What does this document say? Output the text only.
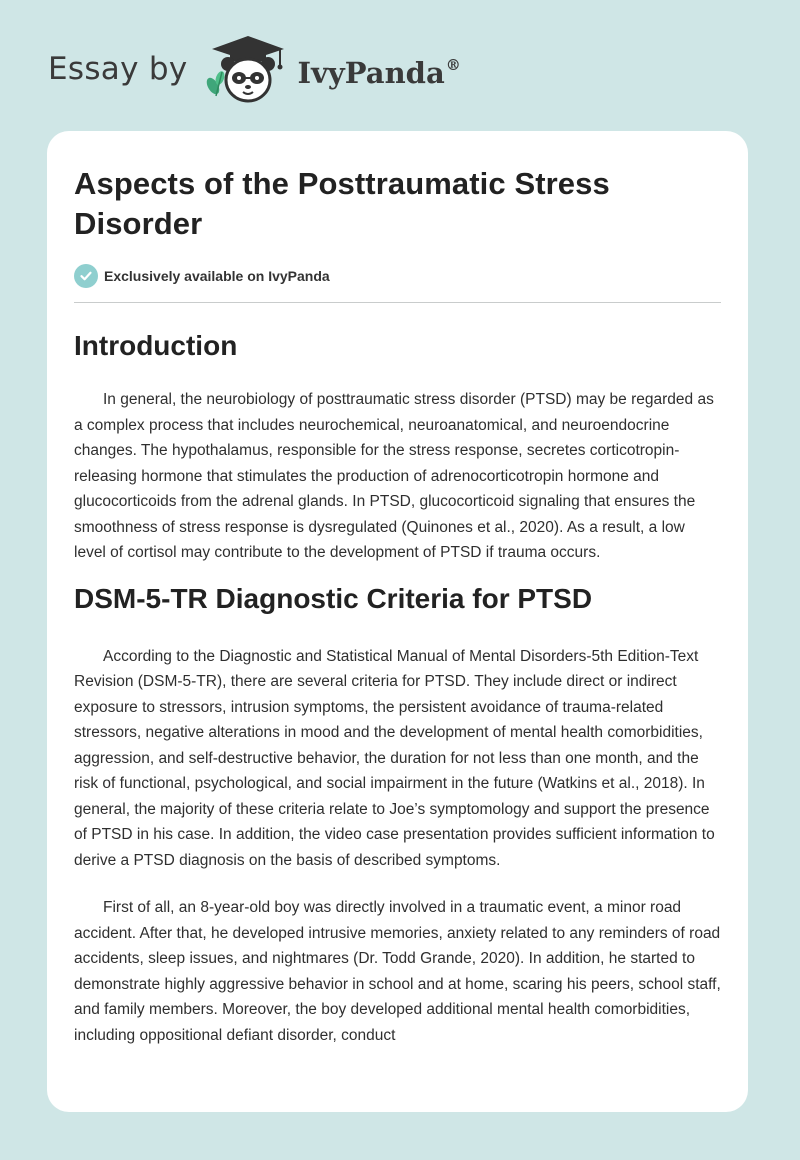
Essay by	IvyPanda®
Aspects of the Posttraumatic Stress Disorder
Exclusively available on IvyPanda
Introduction

In general, the neurobiology of posttraumatic stress disorder (PTSD) may be regarded as a complex process that includes neurochemical, neuroanatomical, and neuroendocrine changes. The hypothalamus, responsible for the stress response, secretes corticotropin-releasing hormone that stimulates the production of adrenocorticotropin hormone and glucocorticoids from the adrenal glands. In PTSD, glucocorticoid signaling that ensures the smoothness of stress response is dysregulated (Quinones et al., 2020). As a result, a low level of cortisol may contribute to the development of PTSD if trauma occurs.

DSM-5-TR Diagnostic Criteria for PTSD

According to the Diagnostic and Statistical Manual of Mental Disorders-5th Edition-Text Revision (DSM-5-TR), there are several criteria for PTSD. They include direct or indirect exposure to stressors, intrusion symptoms, the persistent avoidance of trauma-related stressors, negative alterations in mood and the development of mental health comorbidities, aggression, and self-destructive behavior, the duration for not less than one month, and the risk of functional, psychological, and social impairment in the future (Watkins et al., 2018). In general, the majority of these criteria relate to Joe’s symptomology and support the presence of PTSD in his case. In addition, the video case presentation provides sufficient information to derive a PTSD diagnosis on the basis of described symptoms.

First of all, an 8-year-old boy was directly involved in a traumatic event, a minor road accident. After that, he developed intrusive memories, anxiety related to any reminders of road accidents, sleep issues, and nightmares (Dr. Todd Grande, 2020). In addition, he started to demonstrate highly aggressive behavior in school and at home, scaring his peers, school staff, and family members. Moreover, the boy developed additional mental health comorbidities, including oppositional defiant disorder, conduct
